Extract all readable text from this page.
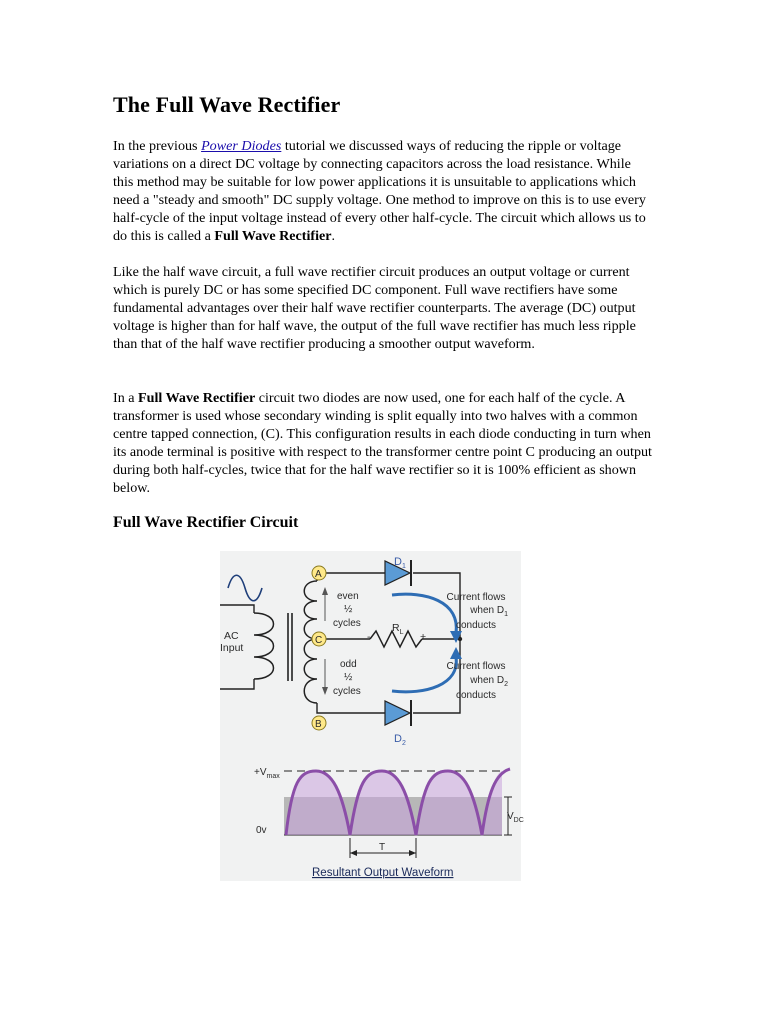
The Full Wave Rectifier

In the previous Power Diodes tutorial we discussed ways of reducing the ripple or voltage variations on a direct DC voltage by connecting capacitors across the load resistance. While this method may be suitable for low power applications it is unsuitable to applications which need a "steady and smooth" DC supply voltage. One method to improve on this is to use every half-cycle of the input voltage instead of every other half-cycle. The circuit which allows us to do this is called a Full Wave Rectifier.

Like the half wave circuit, a full wave rectifier circuit produces an output voltage or current which is purely DC or has some specified DC component. Full wave rectifiers have some fundamental advantages over their half wave rectifier counterparts. The average (DC) output voltage is higher than for half wave, the output of the full wave rectifier has much less ripple than that of the half wave rectifier producing a smoother output waveform.

In a Full Wave Rectifier circuit two diodes are now used, one for each half of the cycle. A transformer is used whose secondary winding is split equally into two halves with a common centre tapped connection, (C). This configuration results in each diode conducting in turn when its anode terminal is positive with respect to the transformer centre point C producing an output during both half-cycles, twice that for the half wave rectifier so it is 100% efficient as shown below.

Full Wave Rectifier Circuit
A
C
B
$D_1$
$D_2$
AC
Input
even
½
cycles
odd
½
cycles
$R_L$
-	+
Current flows
when $D_1$
conducts
Current flows
when $D_2$
conducts
$+V_{max}$
0v
$V_{DC}$
T
Resultant Output Waveform
